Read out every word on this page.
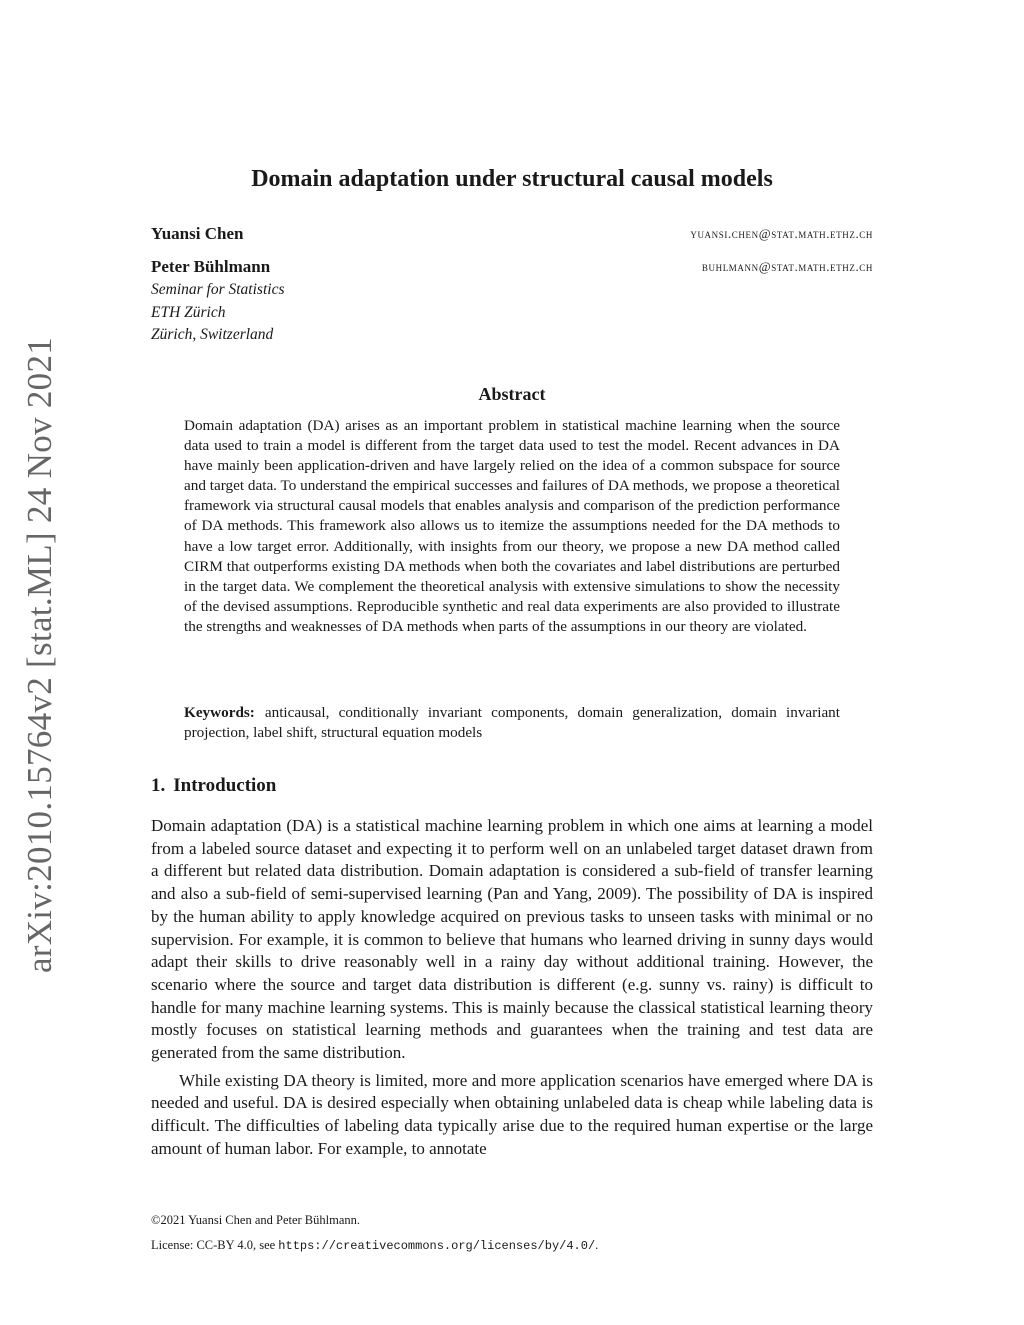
arXiv:2010.15764v2 [stat.ML] 24 Nov 2021
Domain adaptation under structural causal models
Yuansi Chen	yuansi.chen@stat.math.ethz.ch
Peter Bühlmann	buhlmann@stat.math.ethz.ch
Seminar for Statistics
ETH Zürich
Zürich, Switzerland
Abstract
Domain adaptation (DA) arises as an important problem in statistical machine learning when the source data used to train a model is different from the target data used to test the model. Recent advances in DA have mainly been application-driven and have largely relied on the idea of a common subspace for source and target data. To understand the empirical successes and failures of DA methods, we propose a theoretical framework via structural causal models that enables analysis and comparison of the prediction performance of DA methods. This framework also allows us to itemize the assumptions needed for the DA methods to have a low target error. Additionally, with insights from our theory, we propose a new DA method called CIRM that outperforms existing DA methods when both the covariates and label distributions are perturbed in the target data. We complement the theoretical analysis with extensive simulations to show the necessity of the devised assumptions. Reproducible synthetic and real data experiments are also provided to illustrate the strengths and weaknesses of DA methods when parts of the assumptions in our theory are violated.
Keywords: anticausal, conditionally invariant components, domain generalization, domain invariant projection, label shift, structural equation models
1. Introduction

Domain adaptation (DA) is a statistical machine learning problem in which one aims at learning a model from a labeled source dataset and expecting it to perform well on an unlabeled target dataset drawn from a different but related data distribution. Domain adaptation is considered a sub-field of transfer learning and also a sub-field of semi-supervised learning (Pan and Yang, 2009). The possibility of DA is inspired by the human ability to apply knowledge acquired on previous tasks to unseen tasks with minimal or no supervision. For example, it is common to believe that humans who learned driving in sunny days would adapt their skills to drive reasonably well in a rainy day without additional training. However, the scenario where the source and target data distribution is different (e.g. sunny vs. rainy) is difficult to handle for many machine learning systems. This is mainly because the classical statistical learning theory mostly focuses on statistical learning methods and guarantees when the training and test data are generated from the same distribution.

While existing DA theory is limited, more and more application scenarios have emerged where DA is needed and useful. DA is desired especially when obtaining unlabeled data is cheap while labeling data is difficult. The difficulties of labeling data typically arise due to the required human expertise or the large amount of human labor. For example, to annotate

©2021 Yuansi Chen and Peter Bühlmann.
License: CC-BY 4.0, see https://creativecommons.org/licenses/by/4.0/.
